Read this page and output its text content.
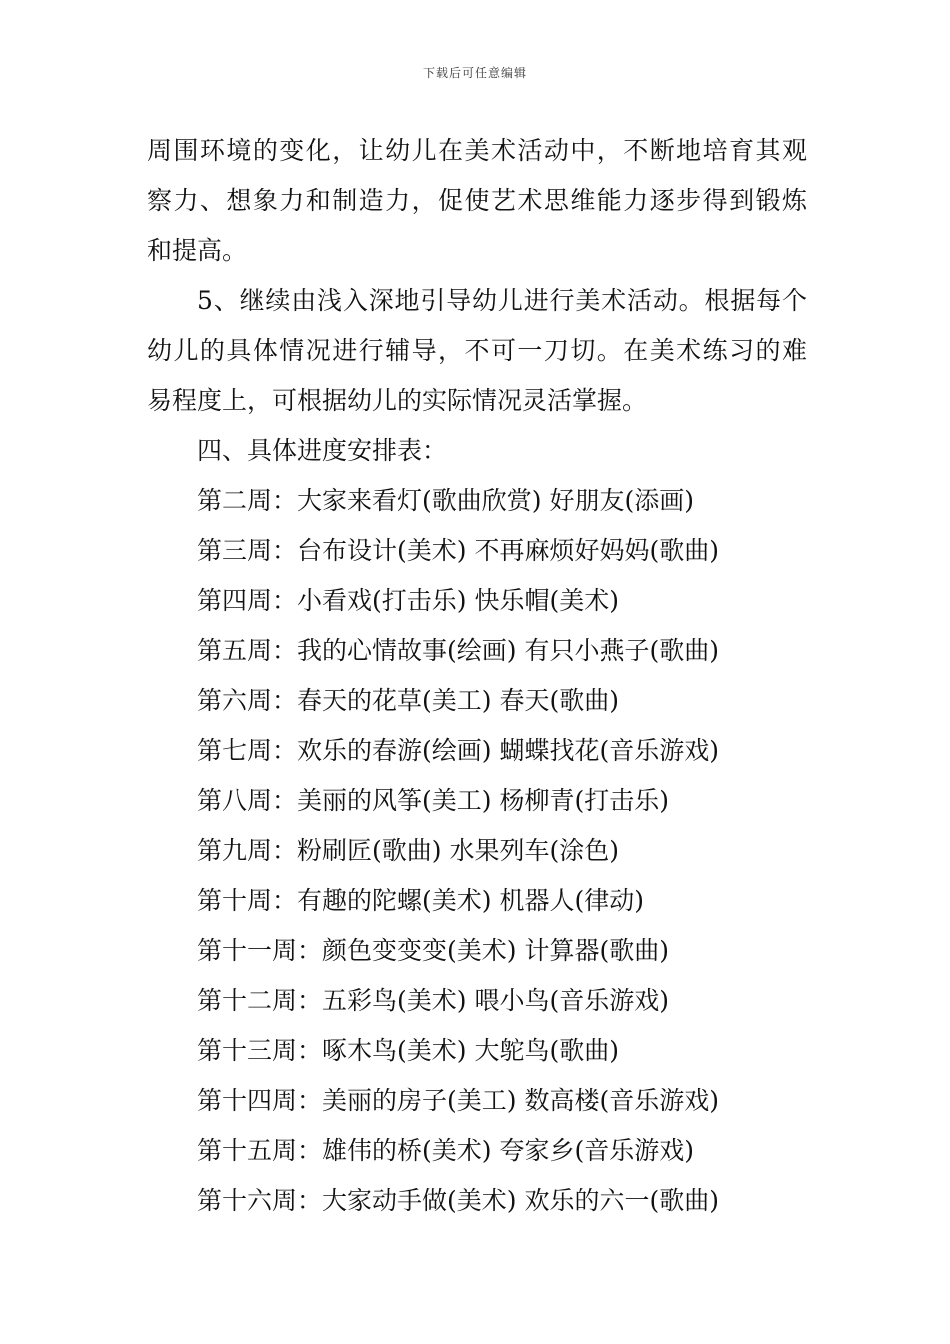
下载后可任意编辑
周围环境的变化，让幼儿在美术活动中，不断地培育其观
察力、想象力和制造力，促使艺术思维能力逐步得到锻炼
和提高。
5、继续由浅入深地引导幼儿进行美术活动。根据每个
幼儿的具体情况进行辅导，不可一刀切。在美术练习的难
易程度上，可根据幼儿的实际情况灵活掌握。
四、具体进度安排表：
第二周：大家来看灯(歌曲欣赏) 好朋友(添画)
第三周：台布设计(美术) 不再麻烦好妈妈(歌曲)
第四周：小看戏(打击乐) 快乐帽(美术)
第五周：我的心情故事(绘画) 有只小燕子(歌曲)
第六周：春天的花草(美工) 春天(歌曲)
第七周：欢乐的春游(绘画) 蝴蝶找花(音乐游戏)
第八周：美丽的风筝(美工) 杨柳青(打击乐)
第九周：粉刷匠(歌曲) 水果列车(涂色)
第十周：有趣的陀螺(美术) 机器人(律动)
第十一周：颜色变变变(美术) 计算器(歌曲)
第十二周：五彩鸟(美术) 喂小鸟(音乐游戏)
第十三周：啄木鸟(美术) 大鸵鸟(歌曲)
第十四周：美丽的房子(美工) 数高楼(音乐游戏)
第十五周：雄伟的桥(美术) 夸家乡(音乐游戏)
第十六周：大家动手做(美术) 欢乐的六一(歌曲)
